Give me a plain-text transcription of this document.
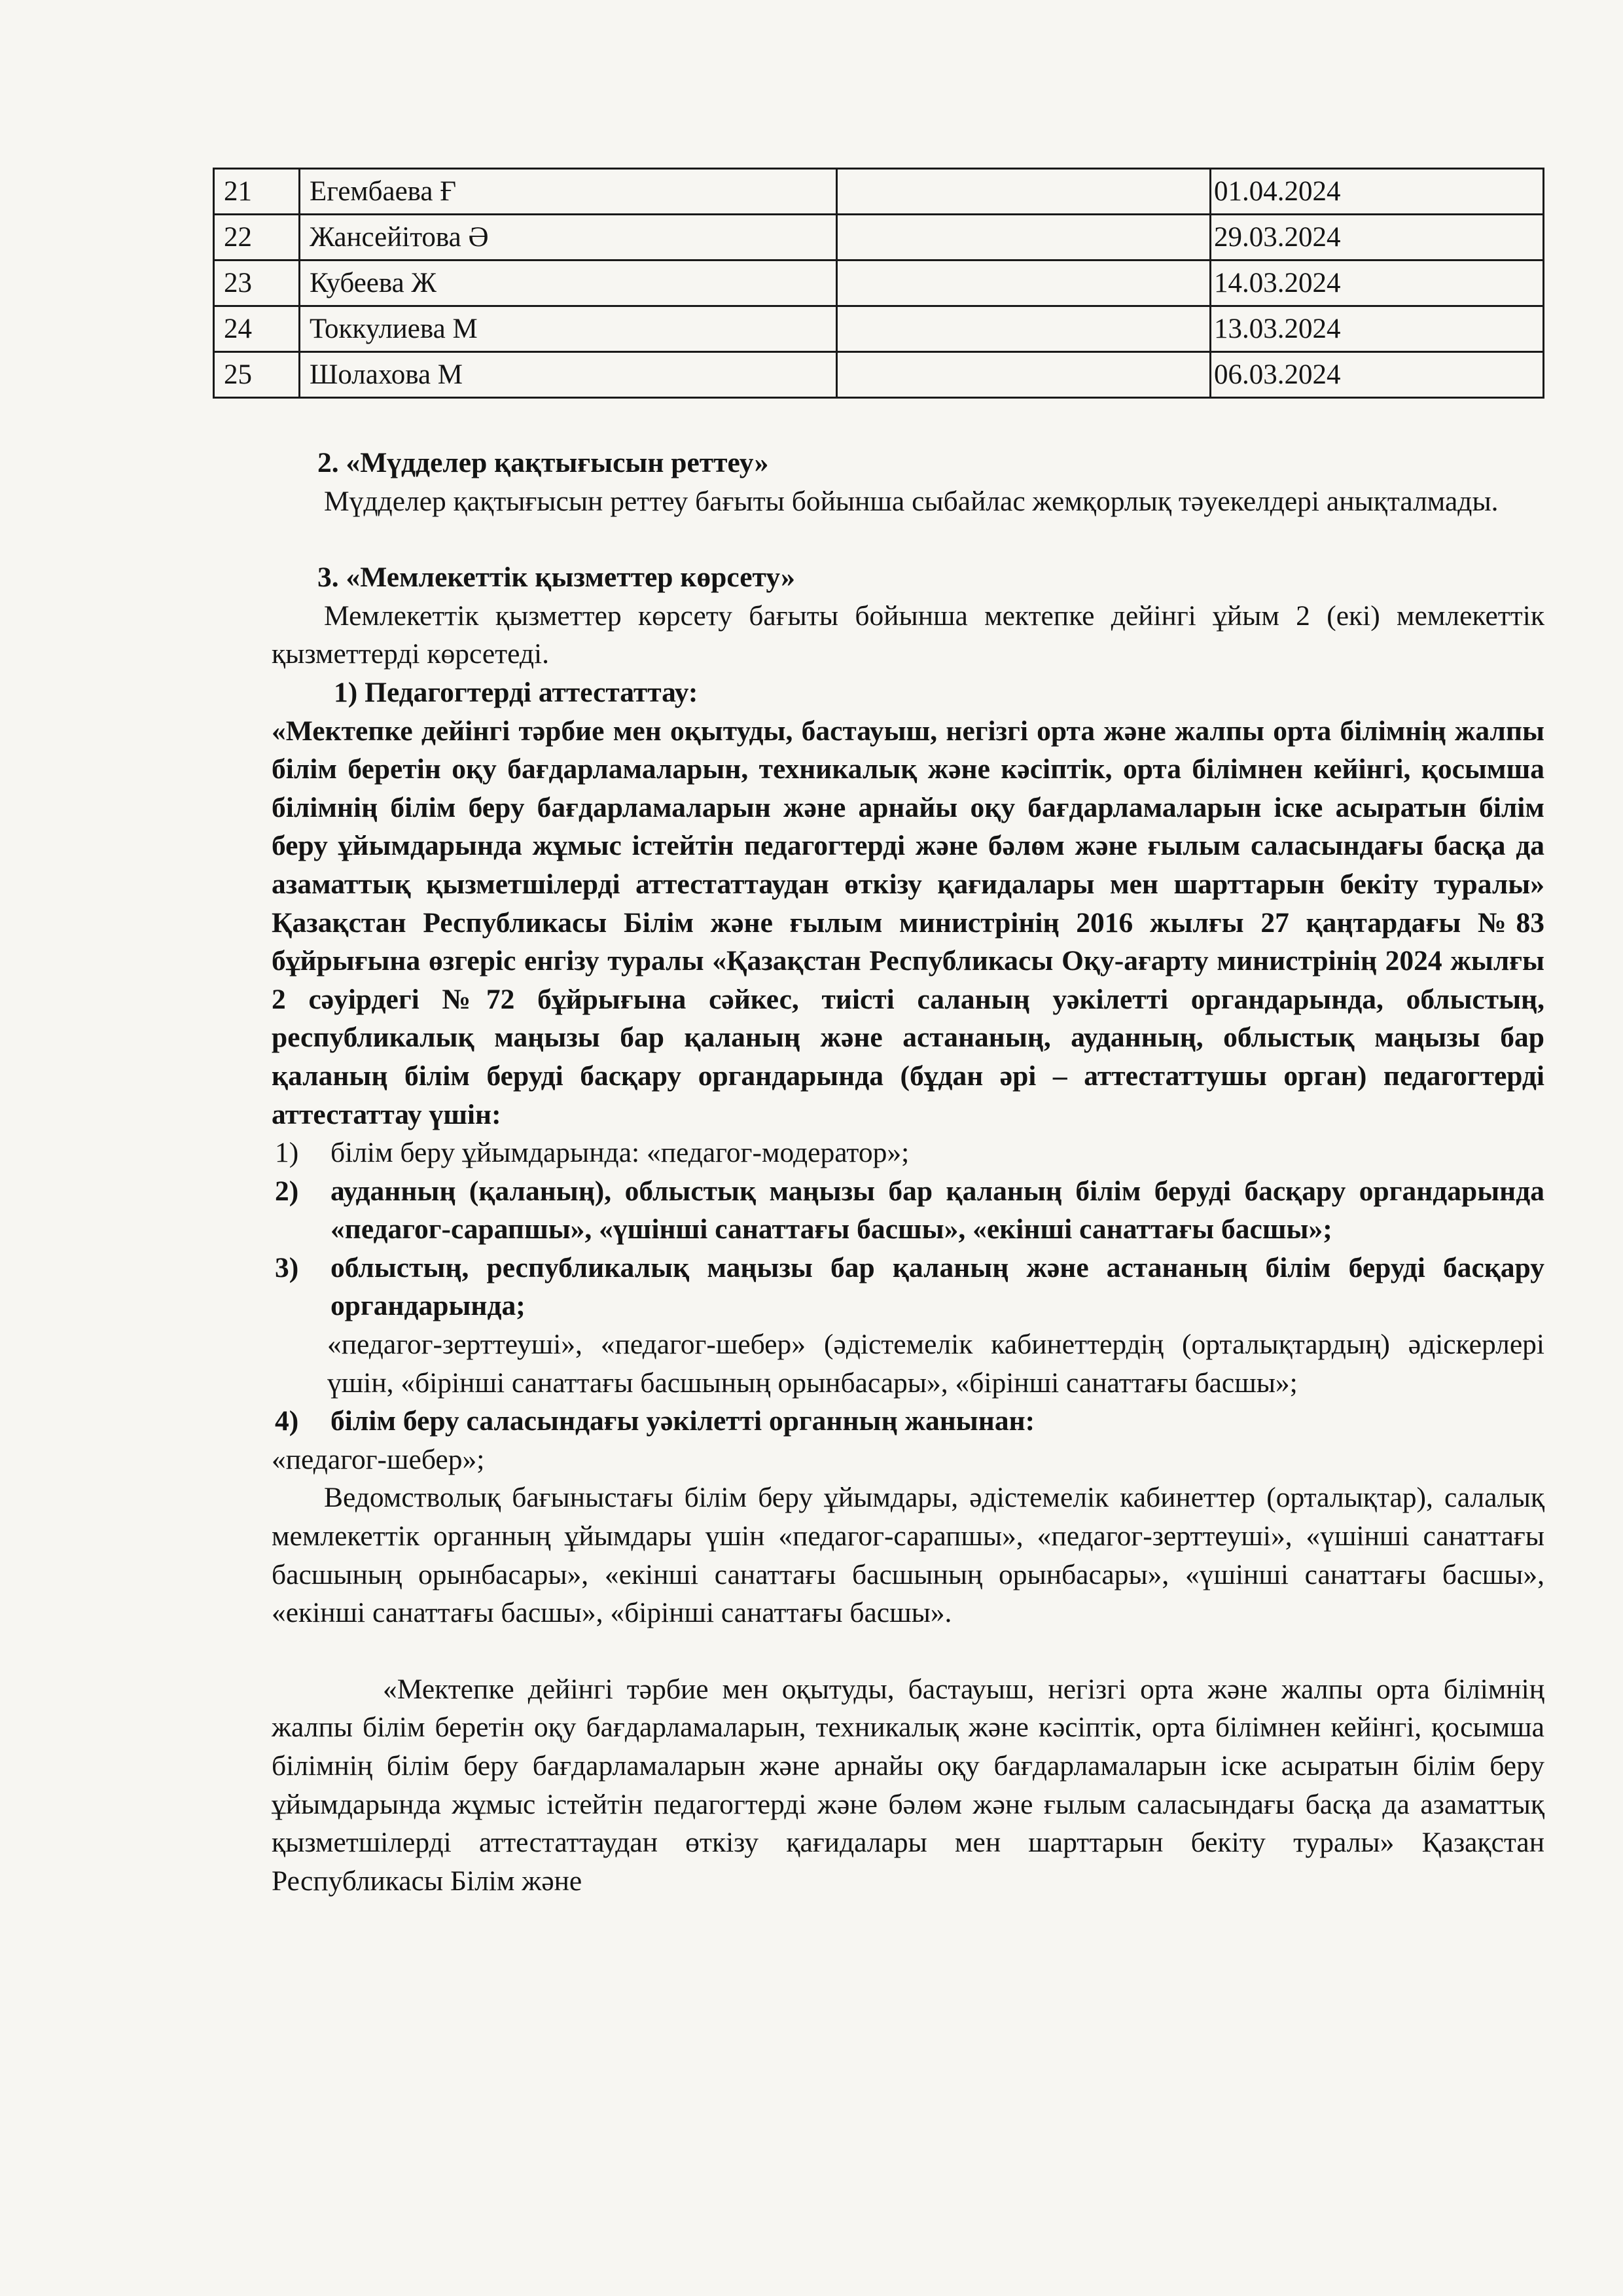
21	Егембаева Ғ		01.04.2024
22	Жансейітова Ә		29.03.2024
23	Кубеева Ж		14.03.2024
24	Токкулиева М		13.03.2024
25	Шолахова М		06.03.2024

2. «Мүдделер қақтығысын реттеу»

Мүдделер қақтығысын реттеу бағыты бойынша сыбайлас жемқорлық тәуекелдері анықталмады.

3. «Мемлекеттік қызметтер көрсету»

Мемлекеттік қызметтер көрсету бағыты бойынша мектепке дейінгі ұйым 2 (екі) мемлекеттік қызметтерді көрсетеді.

1) Педагогтерді аттестаттау:

«Мектепке дейінгі тәрбие мен оқытуды, бастауыш, негізгі орта және жалпы орта білімнің жалпы білім беретін оқу бағдарламаларын, техникалық және кәсіптік, орта білімнен кейінгі, қосымша білімнің білім беру бағдарламаларын және арнайы оқу бағдарламаларын іске асыратын білім беру ұйымдарында жұмыс істейтін педагогтерді және бәлөм және ғылым саласындағы басқа да азаматтық қызметшілерді аттестаттаудан өткізу қағидалары мен шарттарын бекіту туралы» Қазақстан Республикасы Білім және ғылым министрінің 2016 жылғы 27 қаңтардағы №83 бұйрығына өзгеріс енгізу туралы «Қазақстан Республикасы Оқу-ағарту министрінің 2024 жылғы 2 сәуірдегі №72 бұйрығына сәйкес, тиісті саланың уәкілетті органдарында, облыстың, республикалық маңызы бар қаланың және астананың, ауданның, облыстық маңызы бар қаланың білім беруді басқару органдарында (бұдан әрі – аттестаттушы орган) педагогтерді аттестаттау үшін:

1)	білім беру ұйымдарында: «педагог-модератор»;
2)	ауданның (қаланың), облыстық маңызы бар қаланың білім беруді басқару органдарында «педагог-сарапшы», «үшінші санаттағы басшы», «екінші санаттағы басшы»;
3)	облыстың, республикалық маңызы бар қаланың және астананың білім беруді басқару органдарында;

«педагог-зерттеуші», «педагог-шебер» (әдістемелік кабинеттердің (орталықтардың) әдіскерлері үшін, «бірінші санаттағы басшының орынбасары», «бірінші санаттағы басшы»;

4)	білім беру саласындағы уәкілетті органның жанынан:

«педагог-шебер»;

Ведомстволық бағыныстағы білім беру ұйымдары, әдістемелік кабинеттер (орталықтар), салалық мемлекеттік органның ұйымдары үшін «педагог-сарапшы», «педагог-зерттеуші», «үшінші санаттағы басшының орынбасары», «екінші санаттағы басшының орынбасары», «үшінші санаттағы басшы», «екінші санаттағы басшы», «бірінші санаттағы басшы».

«Мектепке дейінгі тәрбие мен оқытуды, бастауыш, негізгі орта және жалпы орта білімнің жалпы білім беретін оқу бағдарламаларын, техникалық және кәсіптік, орта білімнен кейінгі, қосымша білімнің білім беру бағдарламаларын және арнайы оқу бағдарламаларын іске асыратын білім беру ұйымдарында жұмыс істейтін педагогтерді және бәлөм және ғылым саласындағы басқа да азаматтық қызметшілерді аттестаттаудан өткізу қағидалары мен шарттарын бекіту туралы» Қазақстан Республикасы Білім және
